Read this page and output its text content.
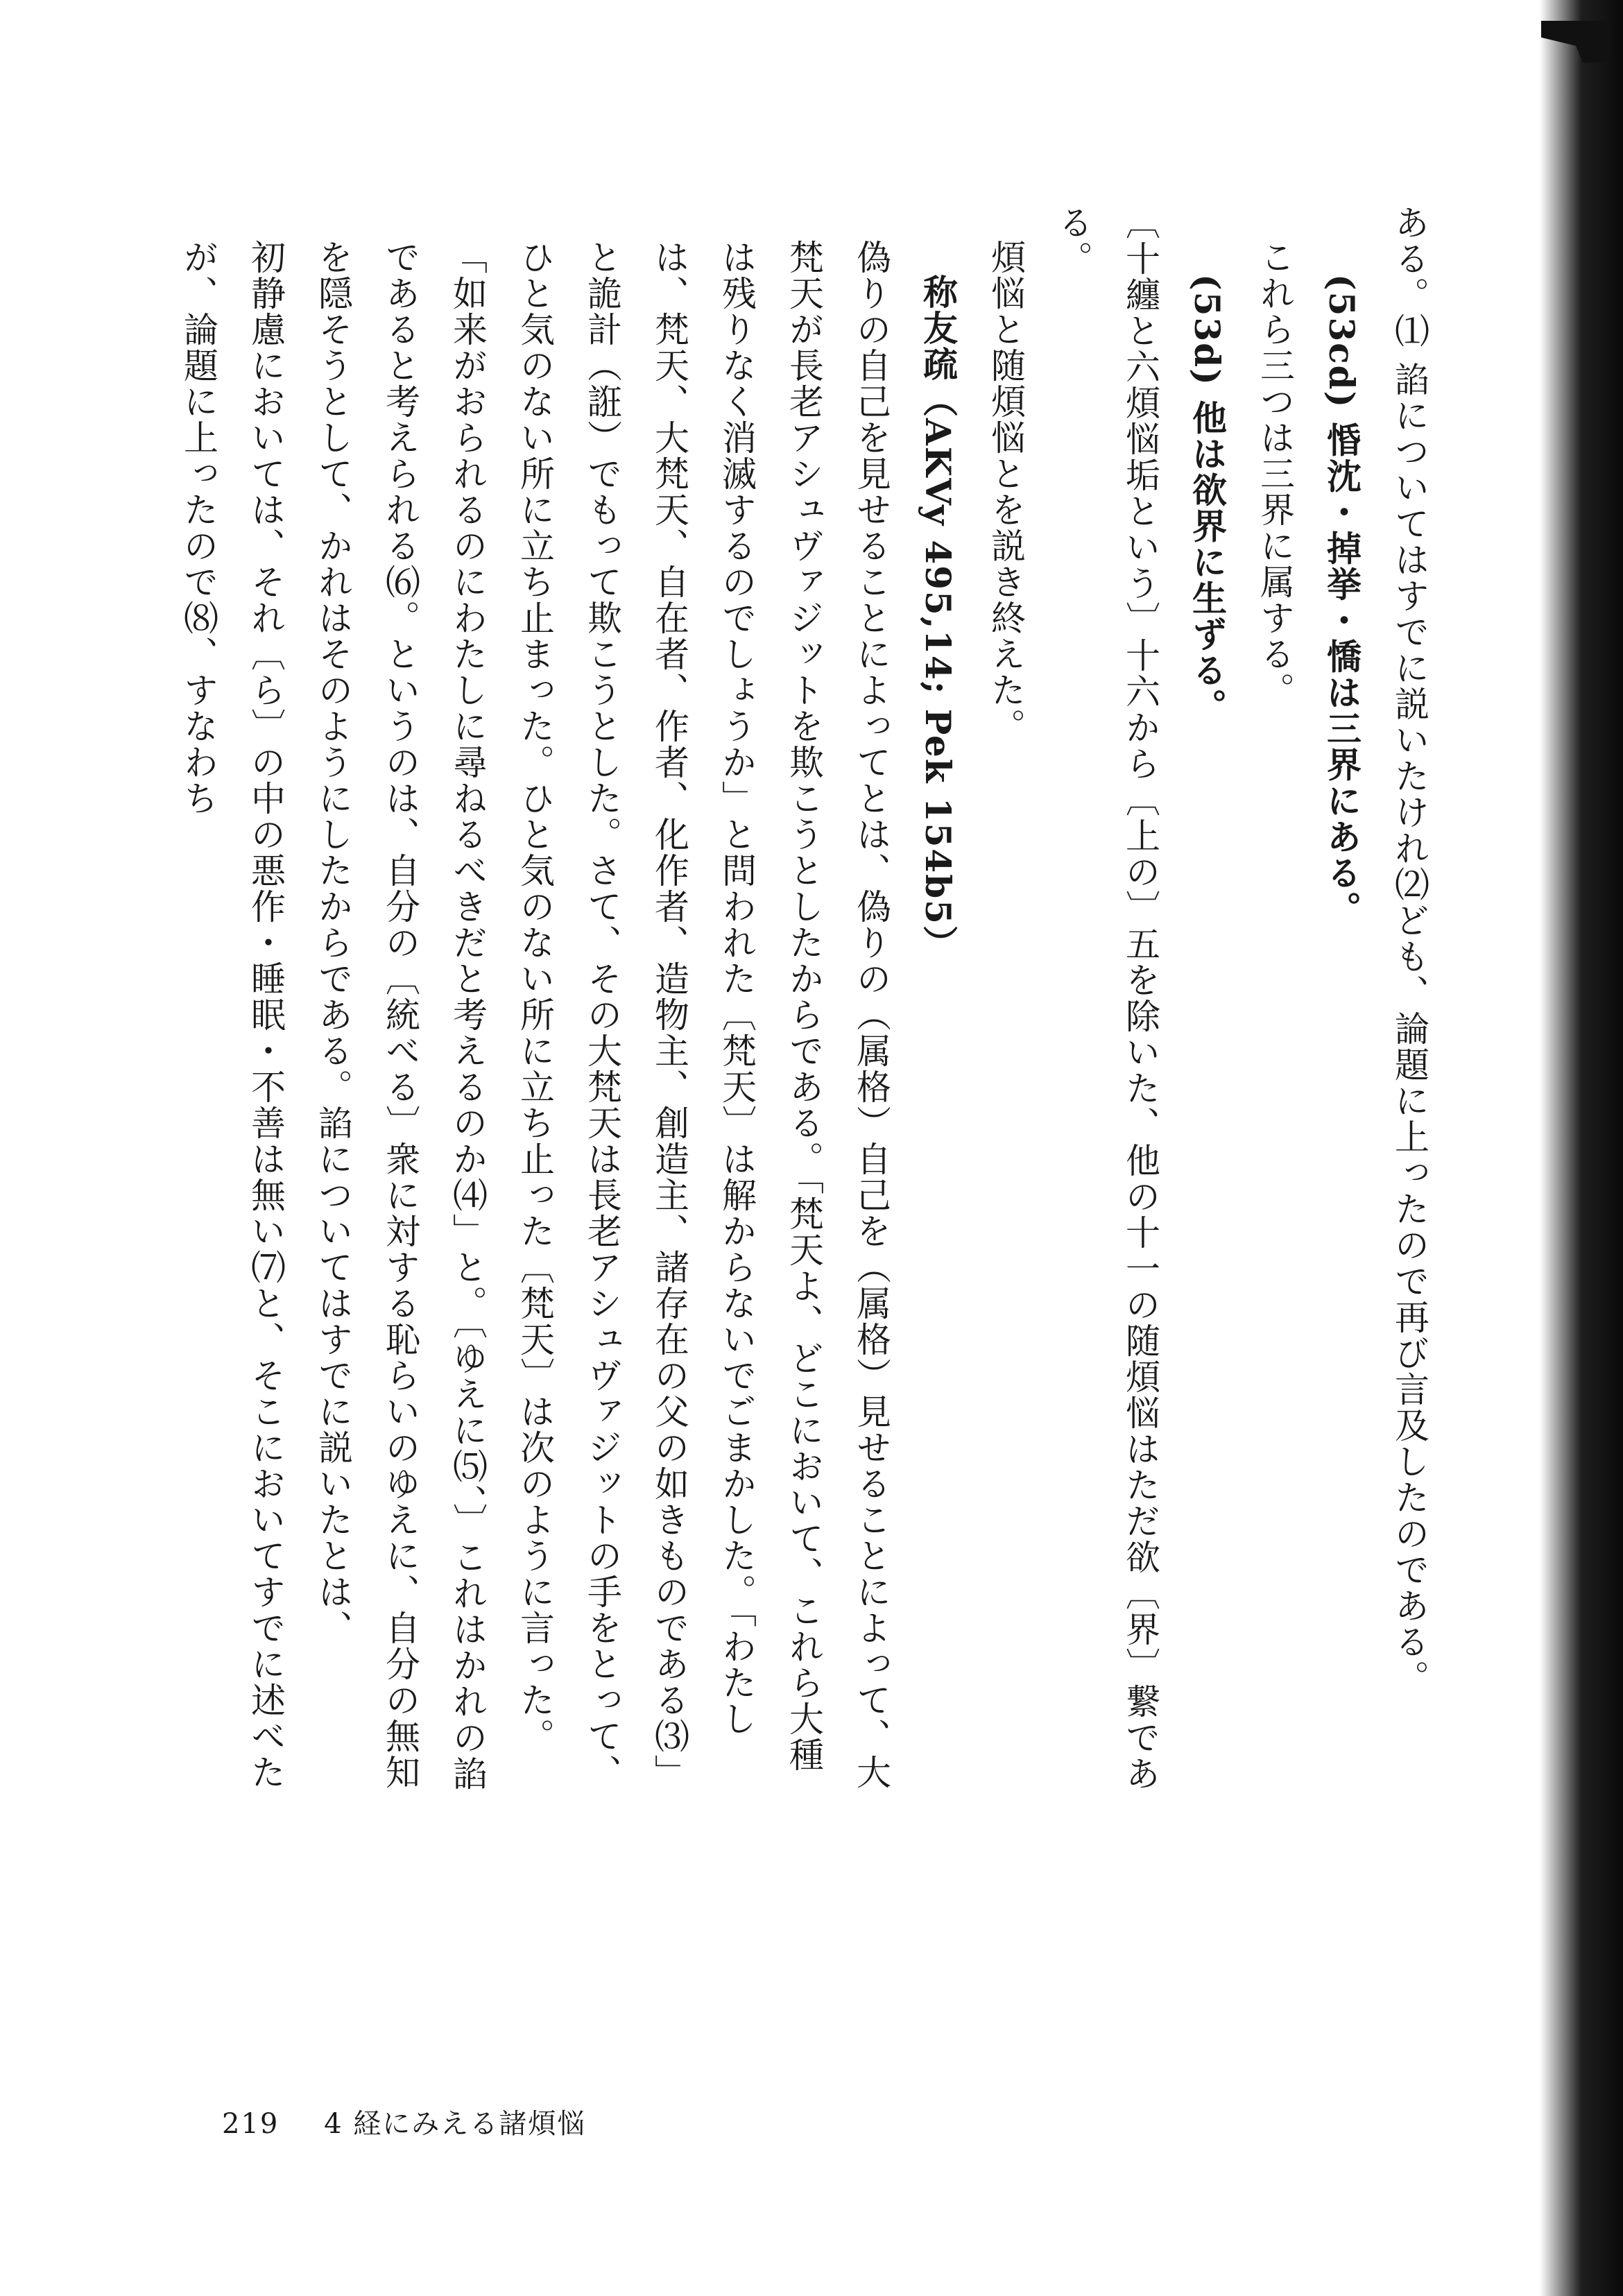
ある。⑴ 諂についてはすでに説いたけれ⑵ども、論題に上ったので再び言及したのである。

(53cd) 惛沈・掉挙・憍は三界にある。

これら三つは三界に属する。

(53d) 他は欲界に生ずる。

〔十纏と六煩悩垢という〕十六から〔上の〕五を除いた、他の十一の随煩悩はただ欲〔界〕繋である。

煩悩と随煩悩とを説き終えた。

称友疏（AKVy 495,14; Pek 154b5）

偽りの自己を見せることによってとは、偽りの（属格）自己を（属格）見せることによって、大梵天が長老アシュヴァジットを欺こうとしたからである。「梵天よ、どこにおいて、これら大種は残りなく消滅するのでしょうか」と問われた〔梵天〕は解からないでごまかした。「わたしは、梵天、大梵天、自在者、作者、化作者、造物主、創造主、諸存在の父の如きものである⑶」と詭計（誑）でもって欺こうとした。さて、その大梵天は長老アシュヴァジットの手をとって、ひと気のない所に立ち止まった。ひと気のない所に立ち止った〔梵天〕は次のように言った。「如来がおられるのにわたしに尋ねるべきだと考えるのか⑷」と。〔ゆえに⑸、〕これはかれの諂であると考えられる⑹。というのは、自分の〔統べる〕衆に対する恥らいのゆえに、自分の無知を隠そうとして、かれはそのようにしたからである。諂についてはすでに説いたとは、

初静慮においては、それ〔ら〕の中の悪作・睡眠・不善は無い⑺と、そこにおいてすでに述べたが、論題に上ったので⑻、すなわち

219 4 経にみえる諸煩悩
